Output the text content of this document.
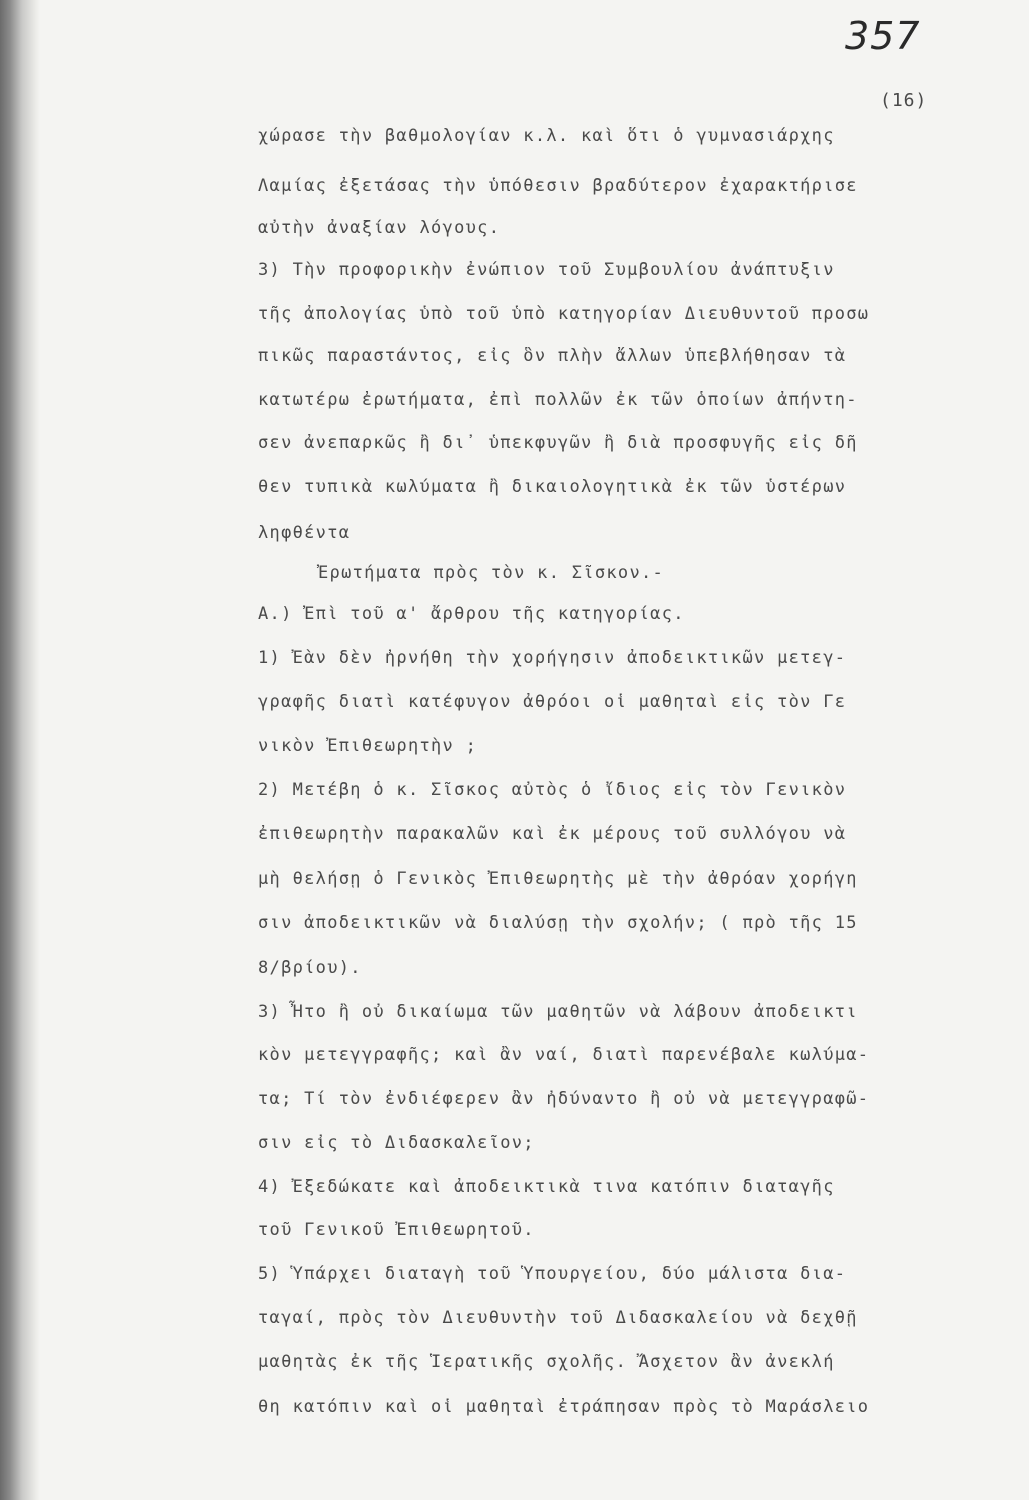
357
(16)
χώρασε τὴν βαθμολογίαν κ.λ. καὶ ὅτι ὁ γυμνασιάρχης
Λαμίας ἐξετάσας τὴν ὑπόθεσιν βραδύτερον ἐχαρακτήρισε
αὐτὴν ἀναξίαν λόγους.
3) Τὴν προφορικὴν ἐνώπιον τοῦ Συμβουλίου ἀνάπτυξιν
τῆς ἀπολογίας ὑπὸ τοῦ ὑπὸ κατηγορίαν Διευθυντοῦ προσω
πικῶς παραστάντος, εἰς ὃν πλὴν ἄλλων ὑπεβλήθησαν τὰ
κατωτέρω ἐρωτήματα, ἐπὶ πολλῶν ἐκ τῶν ὁποίων ἀπήντη-
σεν ἀνεπαρκῶς ἢ δι᾿ ὑπεκφυγῶν ἢ διὰ προσφυγῆς εἰς δῆ
θεν τυπικὰ κωλύματα ἢ δικαιολογητικὰ ἐκ τῶν ὑστέρων
ληφθέντα
Ἐρωτήματα πρὸς τὸν κ. Σῖσκον.-
Α.) Ἐπὶ τοῦ α' ἄρθρου τῆς κατηγορίας.
1) Ἐὰν δὲν ἠρνήθη τὴν χορήγησιν ἀποδεικτικῶν μετεγ-
γραφῆς διατὶ κατέφυγον ἀθρόοι οἱ μαθηταὶ εἰς τὸν Γε
νικὸν Ἐπιθεωρητὴν ;
2) Μετέβη ὁ κ. Σῖσκος αὐτὸς ὁ ἴδιος εἰς τὸν Γενικὸν
ἐπιθεωρητὴν παρακαλῶν καὶ ἐκ μέρους τοῦ συλλόγου νὰ
μὴ θελήσῃ ὁ Γενικὸς Ἐπιθεωρητὴς μὲ τὴν ἀθρόαν χορήγη
σιν ἀποδεικτικῶν νὰ διαλύσῃ τὴν σχολήν; ( πρὸ τῆς 15
8/βρίου).
3) Ἦτο ἢ οὐ δικαίωμα τῶν μαθητῶν νὰ λάβουν ἀποδεικτι
κὸν μετεγγραφῆς; καὶ ἂν ναί, διατὶ παρενέβαλε κωλύμα-
τα; Τί τὸν ἐνδιέφερεν ἂν ἠδύναντο ἢ οὐ νὰ μετεγγραφῶ-
σιν εἰς τὸ Διδασκαλεῖον;
4) Ἐξεδώκατε καὶ ἀποδεικτικὰ τινα κατόπιν διαταγῆς
τοῦ Γενικοῦ Ἐπιθεωρητοῦ.
5) Ὑπάρχει διαταγὴ τοῦ Ὑπουργείου, δύο μάλιστα δια-
ταγαί, πρὸς τὸν Διευθυντὴν τοῦ Διδασκαλείου νὰ δεχθῇ
μαθητὰς ἐκ τῆς Ἱερατικῆς σχολῆς. Ἄσχετον ἂν ἀνεκλή
θη κατόπιν καὶ οἱ μαθηταὶ ἐτράπησαν πρὸς τὸ Μαράσλειο
